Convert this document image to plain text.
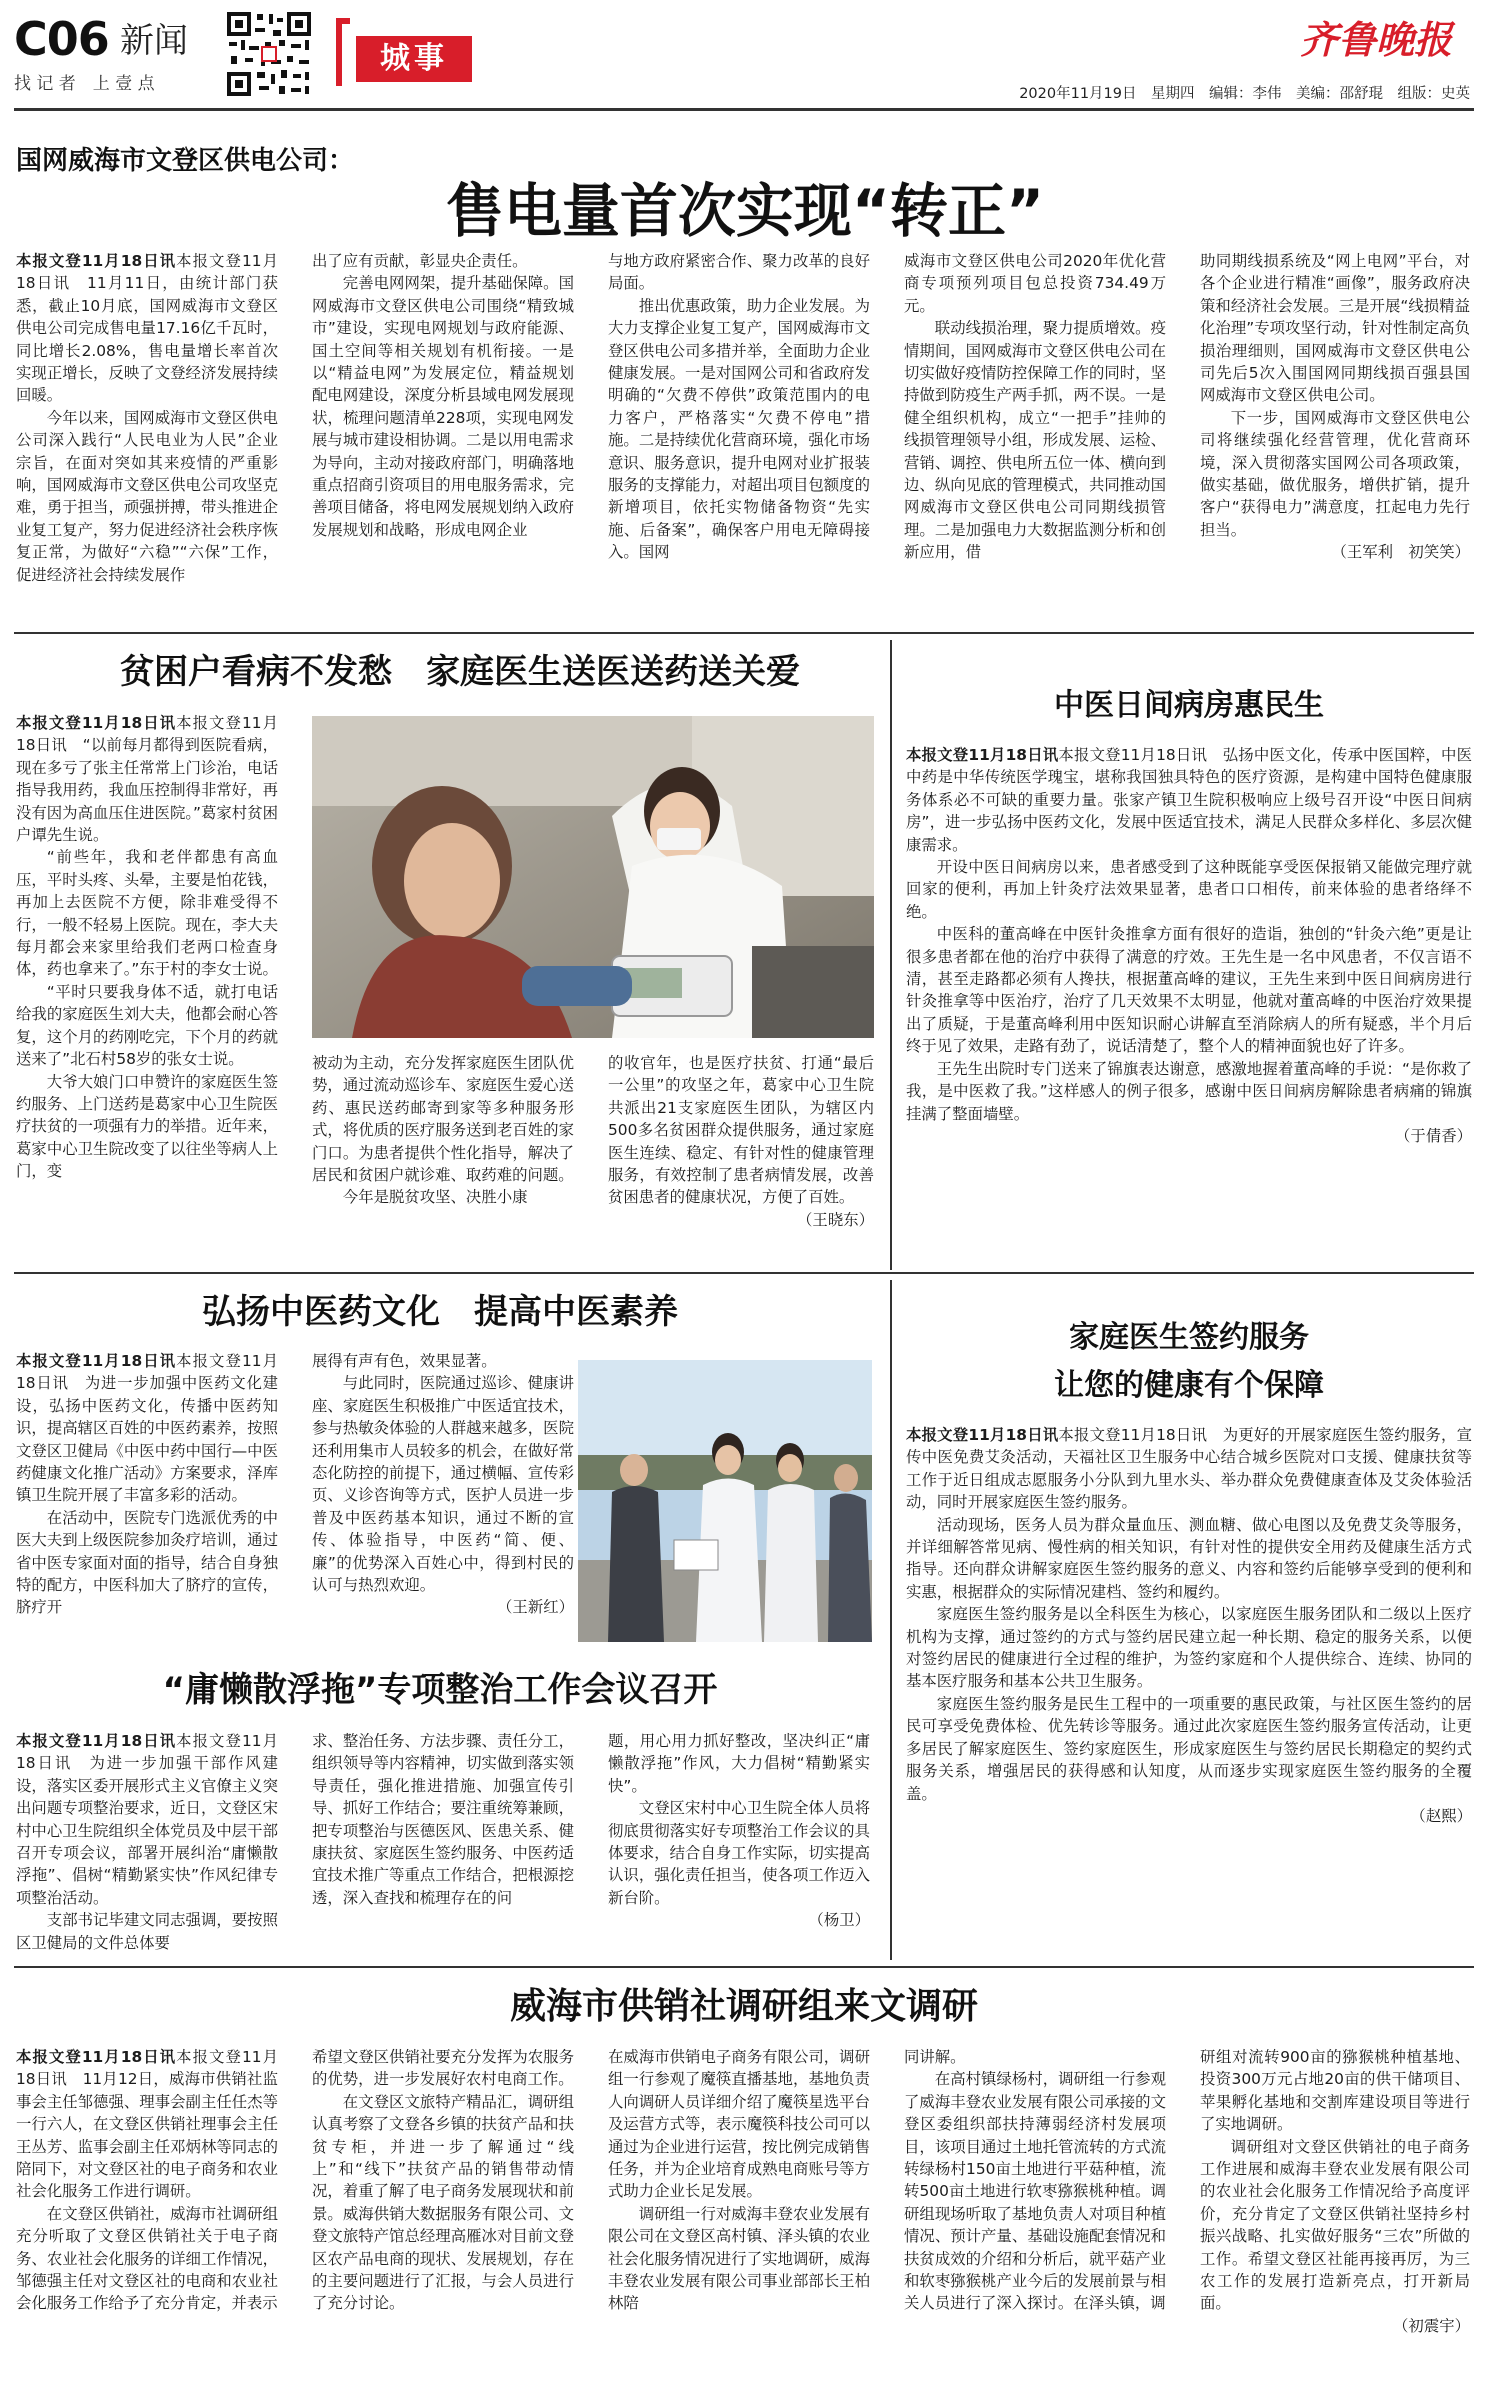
C06 新闻
找 记 者　上 壹 点
城事	齐鲁晚报
2020年11月19日　星期四　编辑：李伟　美编：邵舒琨　组版：史英
国网威海市文登区供电公司：
售电量首次实现“转正”

本报文登11月18日讯本报文登11月18日讯　11月11日，由统计部门获悉，截止10月底，国网威海市文登区供电公司完成售电量17.16亿千瓦时，同比增长2.08%，售电量增长率首次实现正增长，反映了文登经济发展持续回暖。

今年以来，国网威海市文登区供电公司深入践行“人民电业为人民”企业宗旨，在面对突如其来疫情的严重影响，国网威海市文登区供电公司攻坚克难，勇于担当，顽强拼搏，带头推进企业复工复产，努力促进经济社会秩序恢复正常，为做好“六稳”“六保”工作，促进经济社会持续发展作

出了应有贡献，彰显央企责任。

完善电网网架，提升基础保障。国网威海市文登区供电公司围绕“精致城市”建设，实现电网规划与政府能源、国土空间等相关规划有机衔接。一是以“精益电网”为发展定位，精益规划配电网建设，深度分析县域电网发展现状，梳理问题清单228项，实现电网发展与城市建设相协调。二是以用电需求为导向，主动对接政府部门，明确落地重点招商引资项目的用电服务需求，完善项目储备，将电网发展规划纳入政府发展规划和战略，形成电网企业

与地方政府紧密合作、聚力改革的良好局面。

推出优惠政策，助力企业发展。为大力支撑企业复工复产，国网威海市文登区供电公司多措并举，全面助力企业健康发展。一是对国网公司和省政府发明确的“欠费不停供”政策范围内的电力客户，严格落实“欠费不停电”措施。二是持续优化营商环境，强化市场意识、服务意识，提升电网对业扩报装服务的支撑能力，对超出项目包额度的新增项目，依托实物储备物资“先实施、后备案”，确保客户用电无障碍接入。国网

威海市文登区供电公司2020年优化营商专项预列项目包总投资734.49万元。

联动线损治理，聚力提质增效。疫情期间，国网威海市文登区供电公司在切实做好疫情防控保障工作的同时，坚持做到防疫生产两手抓，两不误。一是健全组织机构，成立“一把手”挂帅的线损管理领导小组，形成发展、运检、营销、调控、供电所五位一体、横向到边、纵向见底的管理模式，共同推动国网威海市文登区供电公司同期线损管理。二是加强电力大数据监测分析和创新应用，借

助同期线损系统及“网上电网”平台，对各个企业进行精准“画像”，服务政府决策和经济社会发展。三是开展“线损精益化治理”专项攻坚行动，针对性制定高负损治理细则，国网威海市文登区供电公司先后5次入围国网同期线损百强县国网威海市文登区供电公司。

下一步，国网威海市文登区供电公司将继续强化经营管理，优化营商环境，深入贯彻落实国网公司各项政策，做实基础，做优服务，增供扩销，提升客户“获得电力”满意度，扛起电力先行担当。

（王军利　初笑笑）

贫困户看病不发愁　家庭医生送医送药送关爱

本报文登11月18日讯本报文登11月18日讯　“以前每月都得到医院看病，现在多亏了张主任常常上门诊治，电话指导我用药，我血压控制得非常好，再没有因为高血压住进医院。”葛家村贫困户谭先生说。

“前些年，我和老伴都患有高血压，平时头疼、头晕，主要是怕花钱，再加上去医院不方便，除非难受得不行，一般不轻易上医院。现在，李大夫每月都会来家里给我们老两口检查身体，药也拿来了。”东于村的李女士说。

“平时只要我身体不适，就打电话给我的家庭医生刘大夫，他都会耐心答复，这个月的药刚吃完，下个月的药就送来了”北石村58岁的张女士说。

大爷大娘门口申赞许的家庭医生签约服务、上门送药是葛家中心卫生院医疗扶贫的一项强有力的举措。近年来，葛家中心卫生院改变了以往坐等病人上门，变

被动为主动，充分发挥家庭医生团队优势，通过流动巡诊车、家庭医生爱心送药、惠民送药邮寄到家等多种服务形式，将优质的医疗服务送到老百姓的家门口。为患者提供个性化指导，解决了居民和贫困户就诊难、取药难的问题。

今年是脱贫攻坚、决胜小康

的收官年，也是医疗扶贫、打通“最后一公里”的攻坚之年，葛家中心卫生院共派出21支家庭医生团队，为辖区内500多名贫困群众提供服务，通过家庭医生连续、稳定、有针对性的健康管理服务，有效控制了患者病情发展，改善贫困患者的健康状况，方便了百姓。

（王晓东）

中医日间病房惠民生

本报文登11月18日讯本报文登11月18日讯　弘扬中医文化，传承中医国粹，中医中药是中华传统医学瑰宝，堪称我国独具特色的医疗资源，是构建中国特色健康服务体系必不可缺的重要力量。张家产镇卫生院积极响应上级号召开设“中医日间病房”，进一步弘扬中医药文化，发展中医适宜技术，满足人民群众多样化、多层次健康需求。

开设中医日间病房以来，患者感受到了这种既能享受医保报销又能做完理疗就回家的便利，再加上针灸疗法效果显著，患者口口相传，前来体验的患者络绎不绝。

中医科的董高峰在中医针灸推拿方面有很好的造诣，独创的“针灸六绝”更是让很多患者都在他的治疗中获得了满意的疗效。王先生是一名中风患者，不仅言语不清，甚至走路都必须有人搀扶，根据董高峰的建议，王先生来到中医日间病房进行针灸推拿等中医治疗，治疗了几天效果不太明显，他就对董高峰的中医治疗效果提出了质疑，于是董高峰利用中医知识耐心讲解直至消除病人的所有疑惑，半个月后终于见了效果，走路有劲了，说话清楚了，整个人的精神面貌也好了许多。

王先生出院时专门送来了锦旗表达谢意，感激地握着董高峰的手说：“是你救了我，是中医救了我。”这样感人的例子很多，感谢中医日间病房解除患者病痛的锦旗挂满了整面墙壁。

（于倩香）

弘扬中医药文化　提高中医素养

本报文登11月18日讯本报文登11月18日讯　为进一步加强中医药文化建设，弘扬中医药文化，传播中医药知识，提高辖区百姓的中医药素养，按照文登区卫健局《中医中药中国行—中医药健康文化推广活动》方案要求，泽库镇卫生院开展了丰富多彩的活动。

在活动中，医院专门选派优秀的中医大夫到上级医院参加灸疗培训，通过省中医专家面对面的指导，结合自身独特的配方，中医科加大了脐疗的宣传，脐疗开

展得有声有色，效果显著。

与此同时，医院通过巡诊、健康讲座、家庭医生积极推广中医适宜技术，参与热敏灸体验的人群越来越多，医院还利用集市人员较多的机会，在做好常态化防控的前提下，通过横幅、宣传彩页、义诊咨询等方式，医护人员进一步普及中医药基本知识，通过不断的宣传、体验指导，中医药“简、便、廉”的优势深入百姓心中，得到村民的认可与热烈欢迎。

（王新红）

“庸懒散浮拖”专项整治工作会议召开

本报文登11月18日讯本报文登11月18日讯　为进一步加强干部作风建设，落实区委开展形式主义官僚主义突出问题专项整治要求，近日，文登区宋村中心卫生院组织全体党员及中层干部召开专项会议，部署开展纠治“庸懒散浮拖”、倡树“精勤紧实快”作风纪律专项整治活动。

支部书记毕建文同志强调，要按照区卫健局的文件总体要

求、整治任务、方法步骤、责任分工，组织领导等内容精神，切实做到落实领导责任，强化推进措施、加强宣传引导、抓好工作结合；要注重统筹兼顾，把专项整治与医德医风、医患关系、健康扶贫、家庭医生签约服务、中医药适宜技术推广等重点工作结合，把根源挖透，深入查找和梳理存在的问

题，用心用力抓好整改，坚决纠正“庸懒散浮拖”作风，大力倡树“精勤紧实快”。

文登区宋村中心卫生院全体人员将彻底贯彻落实好专项整治工作会议的具体要求，结合自身工作实际，切实提高认识，强化责任担当，使各项工作迈入新台阶。

（杨卫）

家庭医生签约服务
让您的健康有个保障

本报文登11月18日讯本报文登11月18日讯　为更好的开展家庭医生签约服务，宣传中医免费艾灸活动，天福社区卫生服务中心结合城乡医院对口支援、健康扶贫等工作于近日组成志愿服务小分队到九里水头、举办群众免费健康查体及艾灸体验活动，同时开展家庭医生签约服务。

活动现场，医务人员为群众量血压、测血糖、做心电图以及免费艾灸等服务，并详细解答常见病、慢性病的相关知识，有针对性的提供安全用药及健康生活方式指导。还向群众讲解家庭医生签约服务的意义、内容和签约后能够享受到的便利和实惠，根据群众的实际情况建档、签约和履约。

家庭医生签约服务是以全科医生为核心，以家庭医生服务团队和二级以上医疗机构为支撑，通过签约的方式与签约居民建立起一种长期、稳定的服务关系，以便对签约居民的健康进行全过程的维护，为签约家庭和个人提供综合、连续、协同的基本医疗服务和基本公共卫生服务。

家庭医生签约服务是民生工程中的一项重要的惠民政策，与社区医生签约的居民可享受免费体检、优先转诊等服务。通过此次家庭医生签约服务宣传活动，让更多居民了解家庭医生、签约家庭医生，形成家庭医生与签约居民长期稳定的契约式服务关系，增强居民的获得感和认知度，从而逐步实现家庭医生签约服务的全覆盖。

（赵熙）

威海市供销社调研组来文调研

本报文登11月18日讯本报文登11月18日讯　11月12日，威海市供销社监事会主任邹德强、理事会副主任任杰等一行六人，在文登区供销社理事会主任王丛芳、监事会副主任邓炳林等同志的陪同下，对文登区社的电子商务和农业社会化服务工作进行调研。

在文登区供销社，威海市社调研组充分听取了文登区供销社关于电子商务、农业社会化服务的详细工作情况，邹德强主任对文登区社的电商和农业社会化服务工作给予了充分肯定，并表示

希望文登区供销社要充分发挥为农服务的优势，进一步发展好农村电商工作。

在文登区文旅特产精品汇，调研组认真考察了文登各乡镇的扶贫产品和扶贫专柜，并进一步了解通过“线上”和“线下”扶贫产品的销售带动情况，着重了解了电子商务发展现状和前景。威海供销大数据服务有限公司、文登文旅特产馆总经理高雁冰对目前文登区农产品电商的现状、发展规划，存在的主要问题进行了汇报，与会人员进行了充分讨论。

在威海市供销电子商务有限公司，调研组一行参观了魔筷直播基地，基地负责人向调研人员详细介绍了魔筷星选平台及运营方式等，表示魔筷科技公司可以通过为企业进行运营，按比例完成销售任务，并为企业培育成熟电商账号等方式助力企业长足发展。

调研组一行对威海丰登农业发展有限公司在文登区高村镇、泽头镇的农业社会化服务情况进行了实地调研，威海丰登农业发展有限公司事业部部长王柏林陪

同讲解。

在高村镇绿杨村，调研组一行参观了威海丰登农业发展有限公司承接的文登区委组织部扶持薄弱经济村发展项目，该项目通过土地托管流转的方式流转绿杨村150亩土地进行平菇种植，流转500亩土地进行软枣猕猴桃种植。调研组现场听取了基地负责人对项目种植情况、预计产量、基础设施配套情况和扶贫成效的介绍和分析后，就平菇产业和软枣猕猴桃产业今后的发展前景与相关人员进行了深入探讨。在泽头镇，调

研组对流转900亩的猕猴桃种植基地、投资300万元占地20亩的供干储项目、苹果孵化基地和交割库建设项目等进行了实地调研。

调研组对文登区供销社的电子商务工作进展和威海丰登农业发展有限公司的农业社会化服务工作情况给予高度评价，充分肯定了文登区供销社坚持乡村振兴战略、扎实做好服务“三农”所做的工作。希望文登区社能再接再厉，为三农工作的发展打造新亮点，打开新局面。

（初震宇）
